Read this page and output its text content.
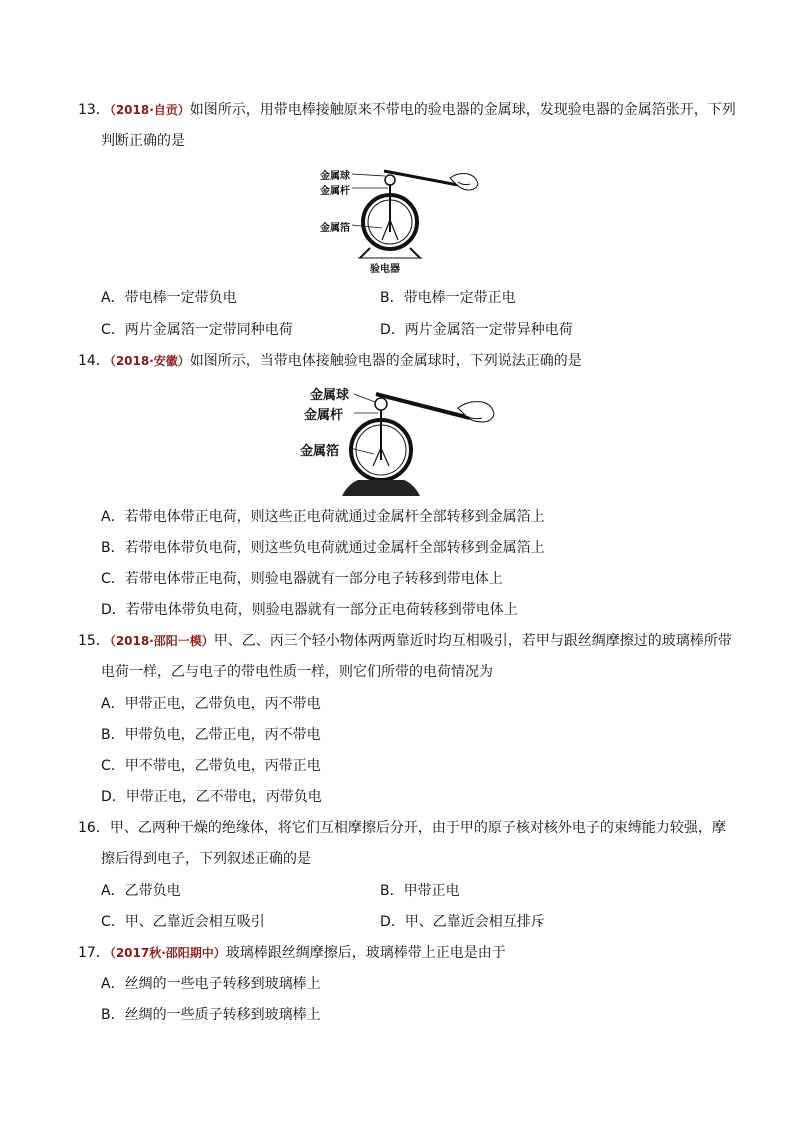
13．（2018·自贡）如图所示，用带电棒接触原来不带电的验电器的金属球，发现验电器的金属箔张开，下列
判断正确的是
金属球
金属杆
金属箔
验电器
A．带电棒一定带负电	B．带电棒一定带正电
C．两片金属箔一定带同种电荷	D．两片金属箔一定带异种电荷
14．（2018·安徽）如图所示，当带电体接触验电器的金属球时，下列说法正确的是
金属球
金属杆
金属箔
A．若带电体带正电荷，则这些正电荷就通过金属杆全部转移到金属箔上
B．若带电体带负电荷，则这些负电荷就通过金属杆全部转移到金属箔上
C．若带电体带正电荷，则验电器就有一部分电子转移到带电体上
D．若带电体带负电荷，则验电器就有一部分正电荷转移到带电体上
15．（2018·邵阳一模）甲、乙、丙三个轻小物体两两靠近时均互相吸引，若甲与跟丝绸摩擦过的玻璃棒所带
电荷一样，乙与电子的带电性质一样，则它们所带的电荷情况为
A．甲带正电，乙带负电，丙不带电
B．甲带负电，乙带正电，丙不带电
C．甲不带电，乙带负电，丙带正电
D．甲带正电，乙不带电，丙带负电
16．甲、乙两种干燥的绝缘体，将它们互相摩擦后分开，由于甲的原子核对核外电子的束缚能力较强，摩
擦后得到电子，下列叙述正确的是
A．乙带负电	B．甲带正电
C．甲、乙靠近会相互吸引	D．甲、乙靠近会相互排斥
17．（2017秋·邵阳期中）玻璃棒跟丝绸摩擦后，玻璃棒带上正电是由于
A．丝绸的一些电子转移到玻璃棒上
B．丝绸的一些质子转移到玻璃棒上
